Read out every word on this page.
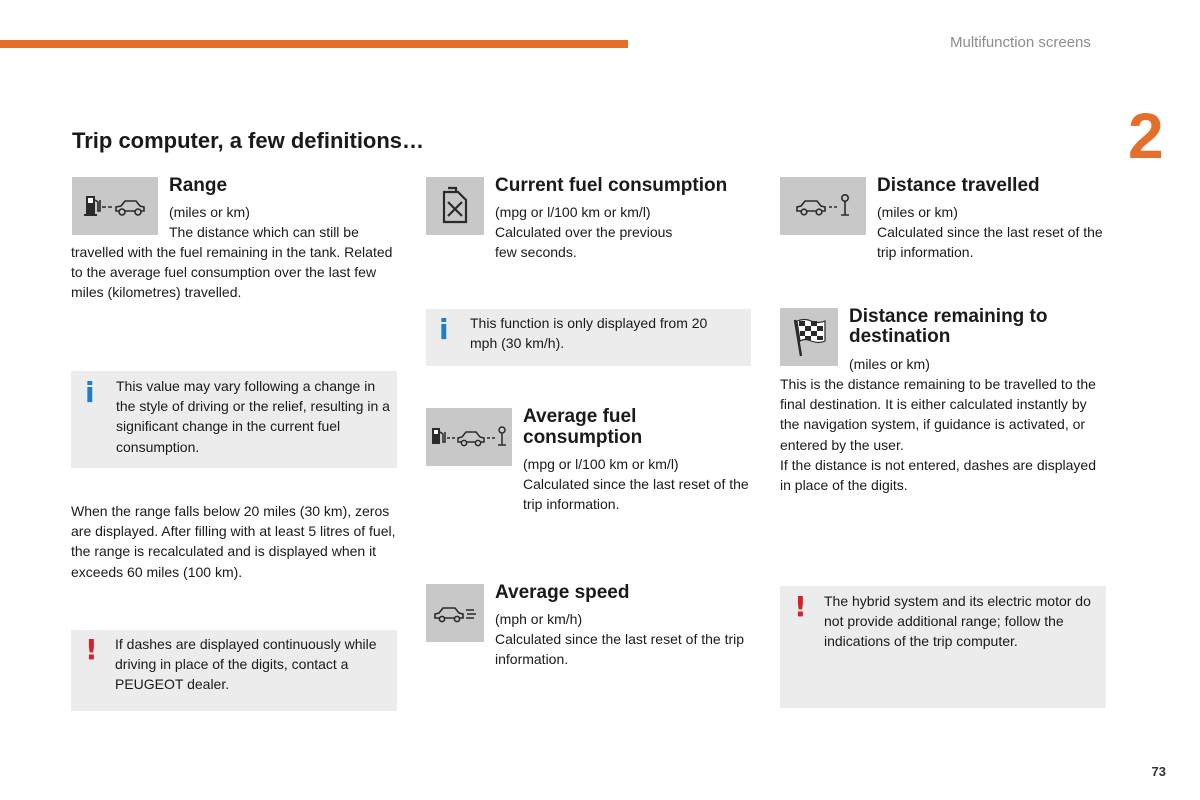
Multifunction screens
2
Trip computer, a few definitions…
Range
(miles or km)
The distance which can still be
travelled with the fuel remaining in the tank. Related to the average fuel consumption over the last few miles (kilometres) travelled.
i This value may vary following a change in the style of driving or the relief, resulting in a significant change in the current fuel consumption.
When the range falls below 20 miles (30 km), zeros are displayed. After filling with at least 5 litres of fuel, the range is recalculated and is displayed when it exceeds 60 miles (100 km).
! If dashes are displayed continuously while driving in place of the digits, contact a PEUGEOT dealer.
Current fuel consumption
(mpg or l/100 km or km/l)
Calculated over the previous
few seconds.
i This function is only displayed from 20 mph (30 km/h).
Average fuel consumption
(mpg or l/100 km or km/l)
Calculated since the last reset of the trip information.
Average speed
(mph or km/h)
Calculated since the last reset of the trip information.
Distance travelled
(miles or km)
Calculated since the last reset of the trip information.
Distance remaining to destination
(miles or km)

This is the distance remaining to be travelled to the final destination. It is either calculated instantly by the navigation system, if guidance is activated, or entered by the user.

If the distance is not entered, dashes are displayed in place of the digits.

! The hybrid system and its electric motor do not provide additional range; follow the indications of the trip computer.
73
